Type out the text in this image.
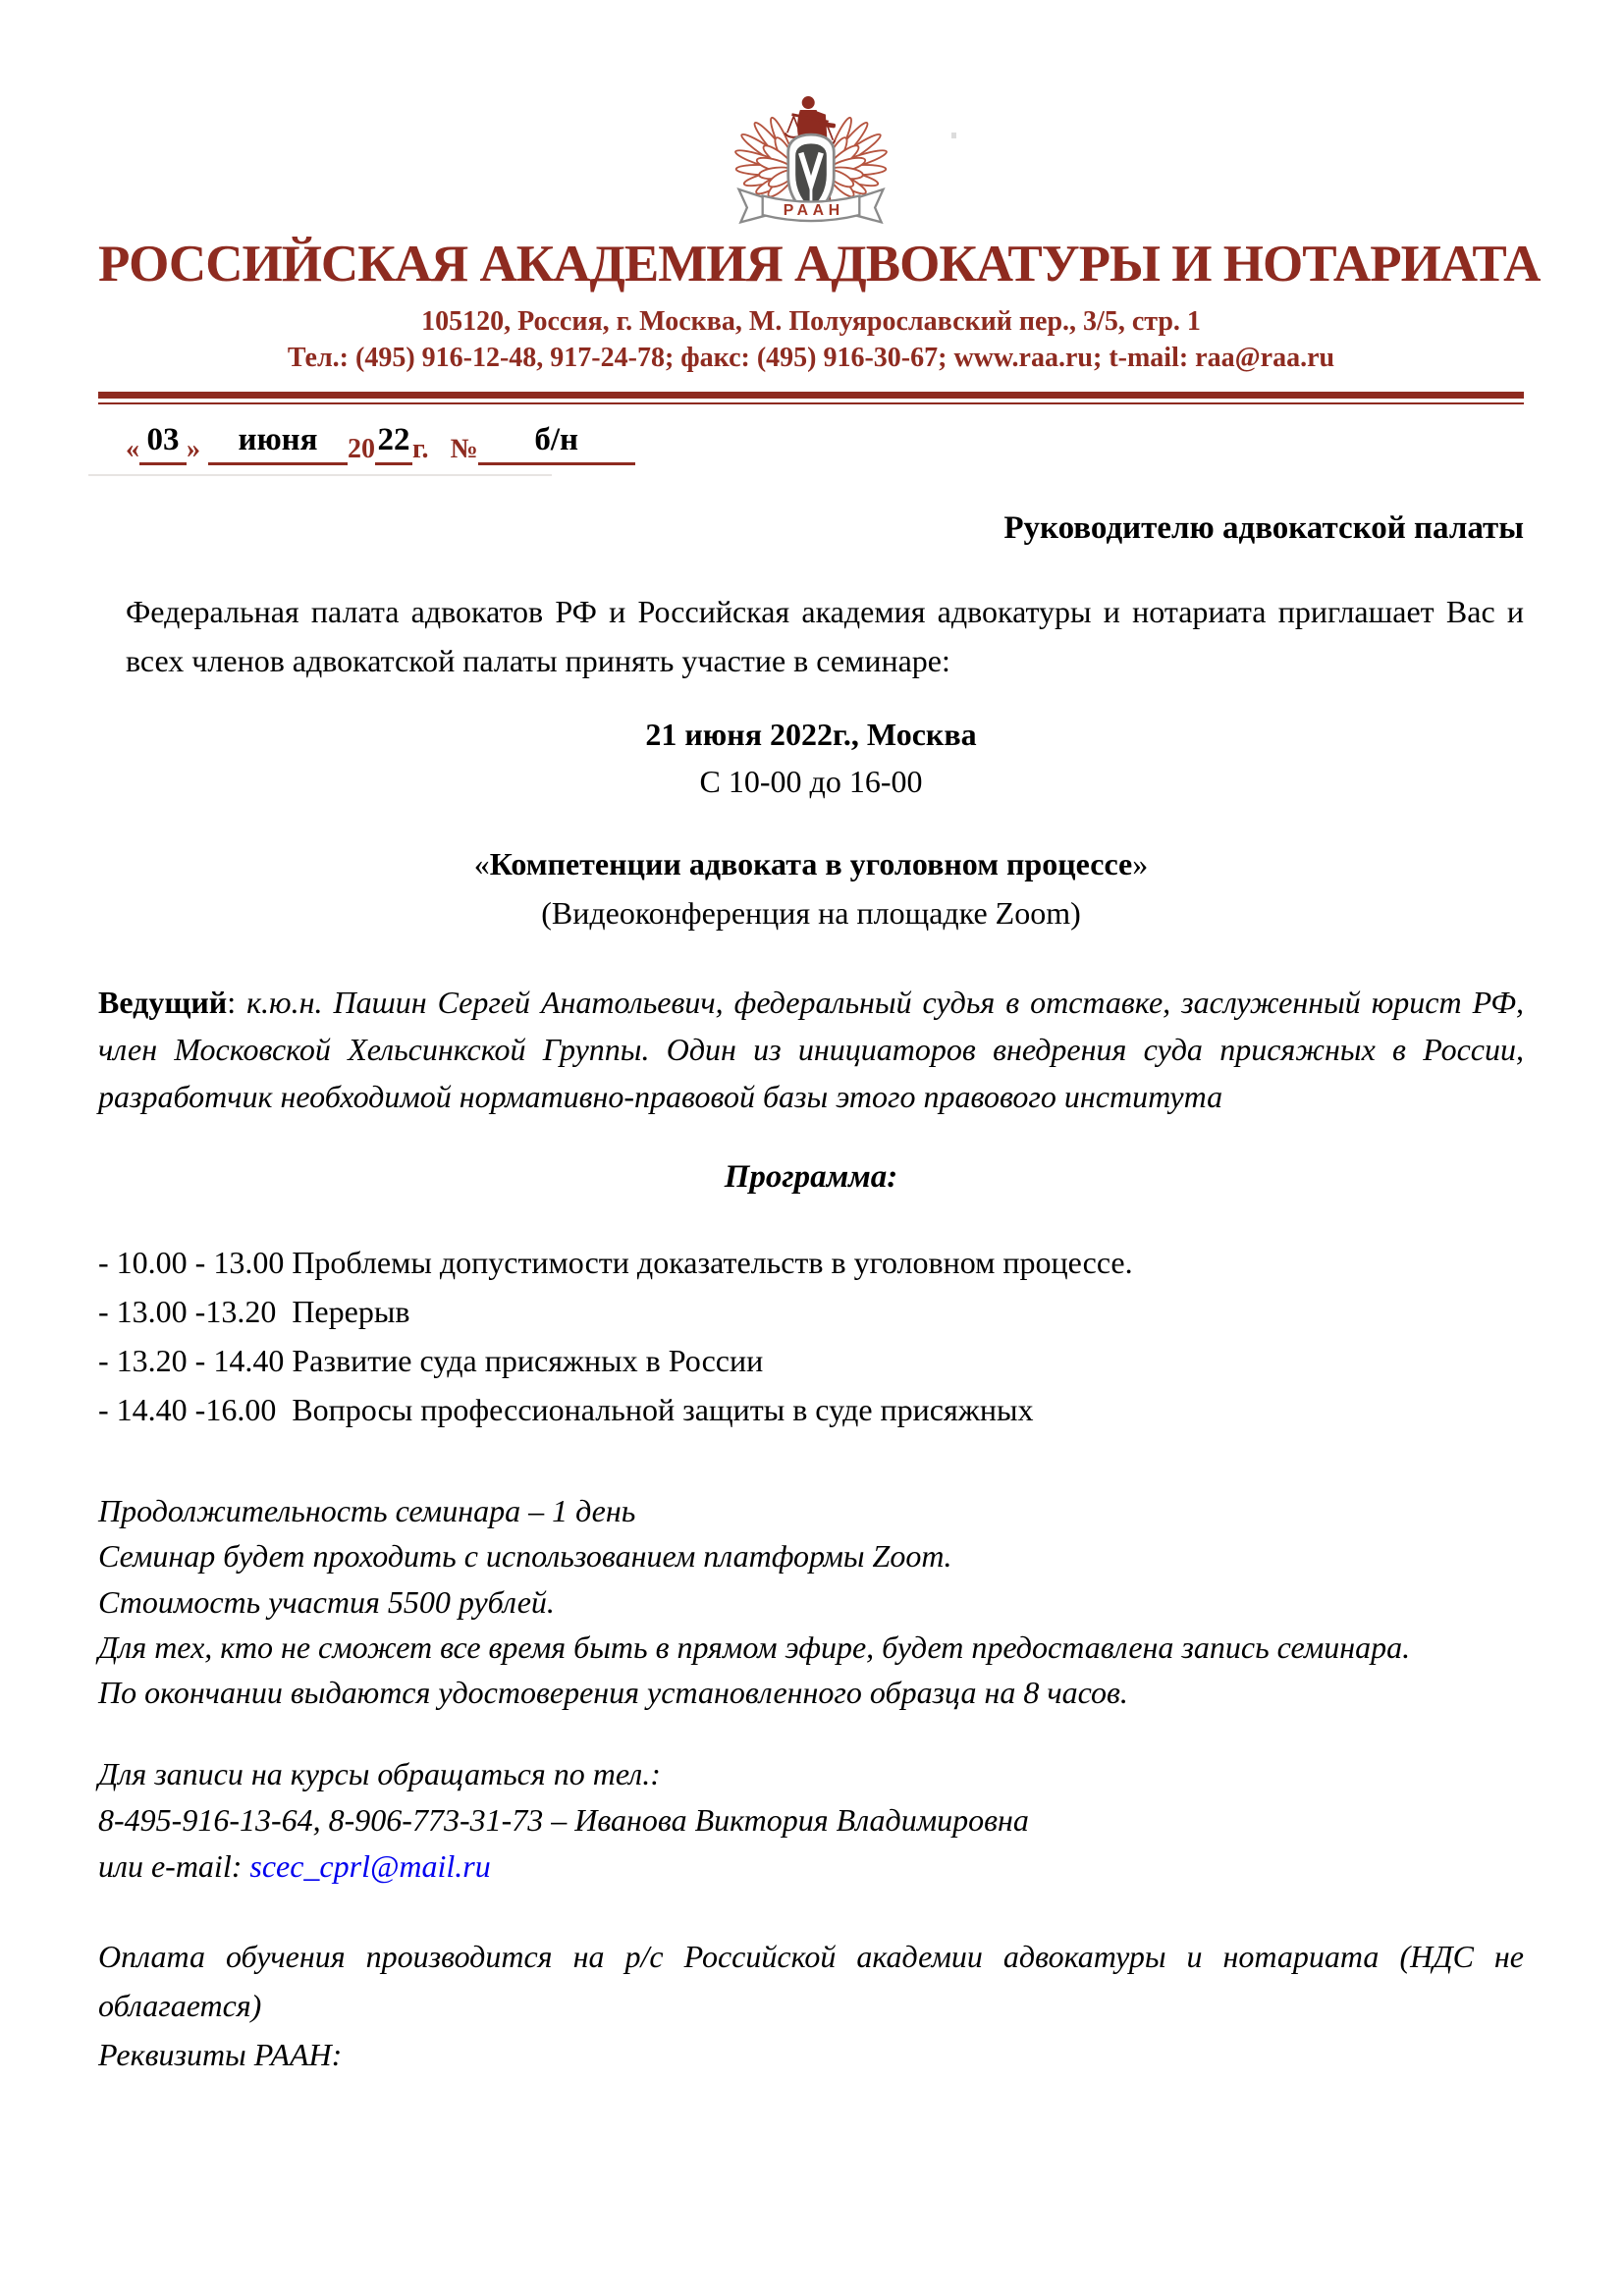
РААН
РОССИЙСКАЯ АКАДЕМИЯ АДВОКАТУРЫ И НОТАРИАТА
105120, Россия, г. Москва, М. Полуярославский пер., 3/5, стр. 1
Тел.: (495) 916-12-48, 917-24-78; факс: (495) 916-30-67; www.raa.ru; t-mail: raa@raa.ru
« 03 » июня 20 22 г. № б/н
Руководителю адвокатской палаты

Федеральная палата адвокатов РФ и Российская академия адвокатуры и нотариата приглашает Вас и всех членов адвокатской палаты принять участие в семинаре:

21 июня 2022г., Москва
С 10-00 до 16-00
«Компетенции адвоката в уголовном процессе»
(Видеоконференция на площадке Zoom)

Ведущий: к.ю.н. Пашин Сергей Анатольевич, федеральный судья в отставке, заслуженный юрист РФ, член Московской Хельсинкской Группы. Один из инициаторов внедрения суда присяжных в России, разработчик необходимой нормативно-правовой базы этого правового института

Программа:

- 10.00 - 13.00 Проблемы допустимости доказательств в уголовном процессе.

- 13.00 -13.20  Перерыв

- 13.20 - 14.40 Развитие суда присяжных в России

- 14.40 -16.00  Вопросы профессиональной защиты в суде присяжных

Продолжительность семинара – 1 день

Семинар будет проходить с использованием платформы Zoom.

Стоимость участия 5500 рублей.

Для тех, кто не сможет все время быть в прямом эфире, будет предоставлена запись семинара.

По окончании выдаются удостоверения установленного образца на 8 часов.

Для записи на курсы обращаться по тел.:

8-495-916-13-64, 8-906-773-31-73 – Иванова Виктория Владимировна

или e-mail: scec_cprl@mail.ru

Оплата обучения производится на р/с Российской академии адвокатуры и нотариата (НДС не облагается)

Реквизиты РААН:
